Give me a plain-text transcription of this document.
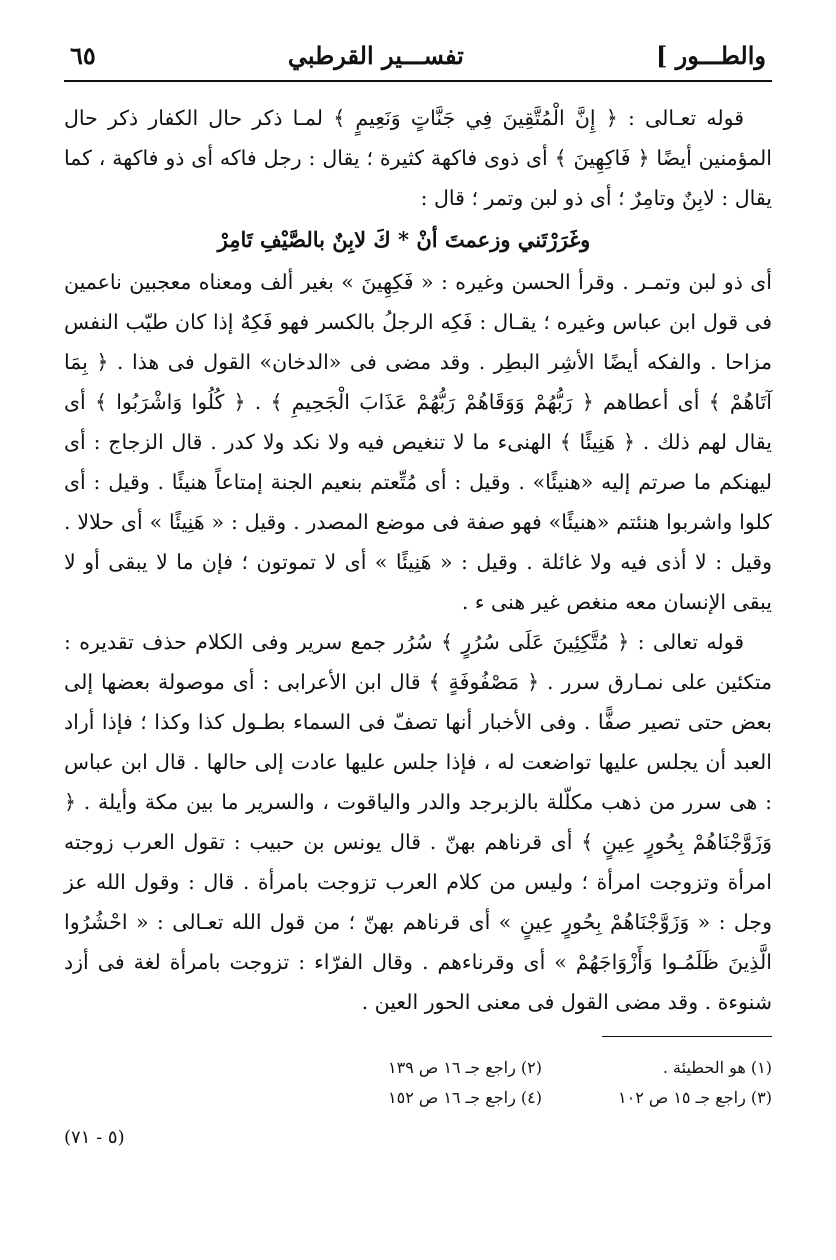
والطـــور ]
تفســـير القرطبي
٦٥

قوله تعـالى : ﴿ إِنَّ الْمُتَّقِينَ فِي جَنَّاتٍ وَنَعِيمٍ ﴾ لمـا ذكر حال الكفار ذكر حال المؤمنين أيضًا ﴿ فَاكِهِينَ ﴾ أى ذوى فاكهة كثيرة ؛ يقال : رجل فاكه أى ذو فاكهة ، كما يقال : لابِنٌ وتامِرٌ ؛ أى ذو لبن وتمر ؛ قال :

وغَرَرْتَني وزعمتَ أنْ * كَ لابِنٌ بالصَّيْفِ تَامِرْ

أى ذو لبن وتمـر . وقرأ الحسن وغيره : « فَكِهِينَ » بغير ألف ومعناه معجبين ناعمين فى قول ابن عباس وغيره ؛ يقـال : فَكِه الرجلُ بالكسر فهو فَكِهٌ إذا كان طيّب النفس مزاحا . والفكه أيضًا الأشِر البطِر . وقد مضى فى «الدخان» القول فى هذا . ﴿ بِمَا آتَاهُمْ ﴾ أى أعطاهم ﴿ رَبُّهُمْ وَوَقَاهُمْ رَبُّهُمْ عَذَابَ الْجَحِيمِ ﴾ . ﴿ كُلُوا وَاشْرَبُوا ﴾ أى يقال لهم ذلك . ﴿ هَنِيئًا ﴾ الهنىء ما لا تنغيص فيه ولا نكد ولا كدر . قال الزجاج : أى ليهنكم ما صرتم إليه «هنيئًا» . وقيل : أى مُتِّعتم بنعيم الجنة إمتاعاً هنيئًا . وقيل : أى كلوا واشربوا هنئتم «هنيئًا» فهو صفة فى موضع المصدر . وقيل : « هَنِيئًا » أى حلالا . وقيل : لا أذى فيه ولا غائلة . وقيل : « هَنِيئًا » أى لا تموتون ؛ فإن ما لا يبقى أو لا يبقى الإنسان معه منغص غير هنى ء .

قوله تعالى : ﴿ مُتَّكِئِينَ عَلَى سُرُرٍ ﴾ سُرُر جمع سرير وفى الكلام حذف تقديره : متكئين على نمـارق سرر . ﴿ مَصْفُوفَةٍ ﴾ قال ابن الأعرابى : أى موصولة بعضها إلى بعض حتى تصير صفًّا . وفى الأخبار أنها تصفّ فى السماء بطـول كذا وكذا ؛ فإذا أراد العبد أن يجلس عليها تواضعت له ، فإذا جلس عليها عادت إلى حالها . قال ابن عباس : هى سرر من ذهب مكلّلة بالزبرجد والدر والياقوت ، والسرير ما بين مكة وأيلة . ﴿ وَزَوَّجْنَاهُمْ بِحُورٍ عِينٍ ﴾ أى قرناهم بهنّ . قال يونس بن حبيب : تقول العرب زوجته امرأة وتزوجت امرأة ؛ وليس من كلام العرب تزوجت بامرأة . قال : وقول الله عز وجل : « وَزَوَّجْنَاهُمْ بِحُورٍ عِينٍ » أى قرناهم بهنّ ؛ من قول الله تعـالى : « احْشُرُوا الَّذِينَ ظَلَمُـوا وَأَزْوَاجَهُمْ » أى وقرناءهم . وقال الفرّاء : تزوجت بامرأة لغة فى أزد شنوءة . وقد مضى القول فى معنى الحور العين .

(١) هو الحطيئة .
(٢) راجع جـ ١٦ ص ١٣٩
(٣) راجع جـ ١٥ ص ١٠٢
(٤) راجع جـ ١٦ ص ١٥٢
(٥ - ٧١)
